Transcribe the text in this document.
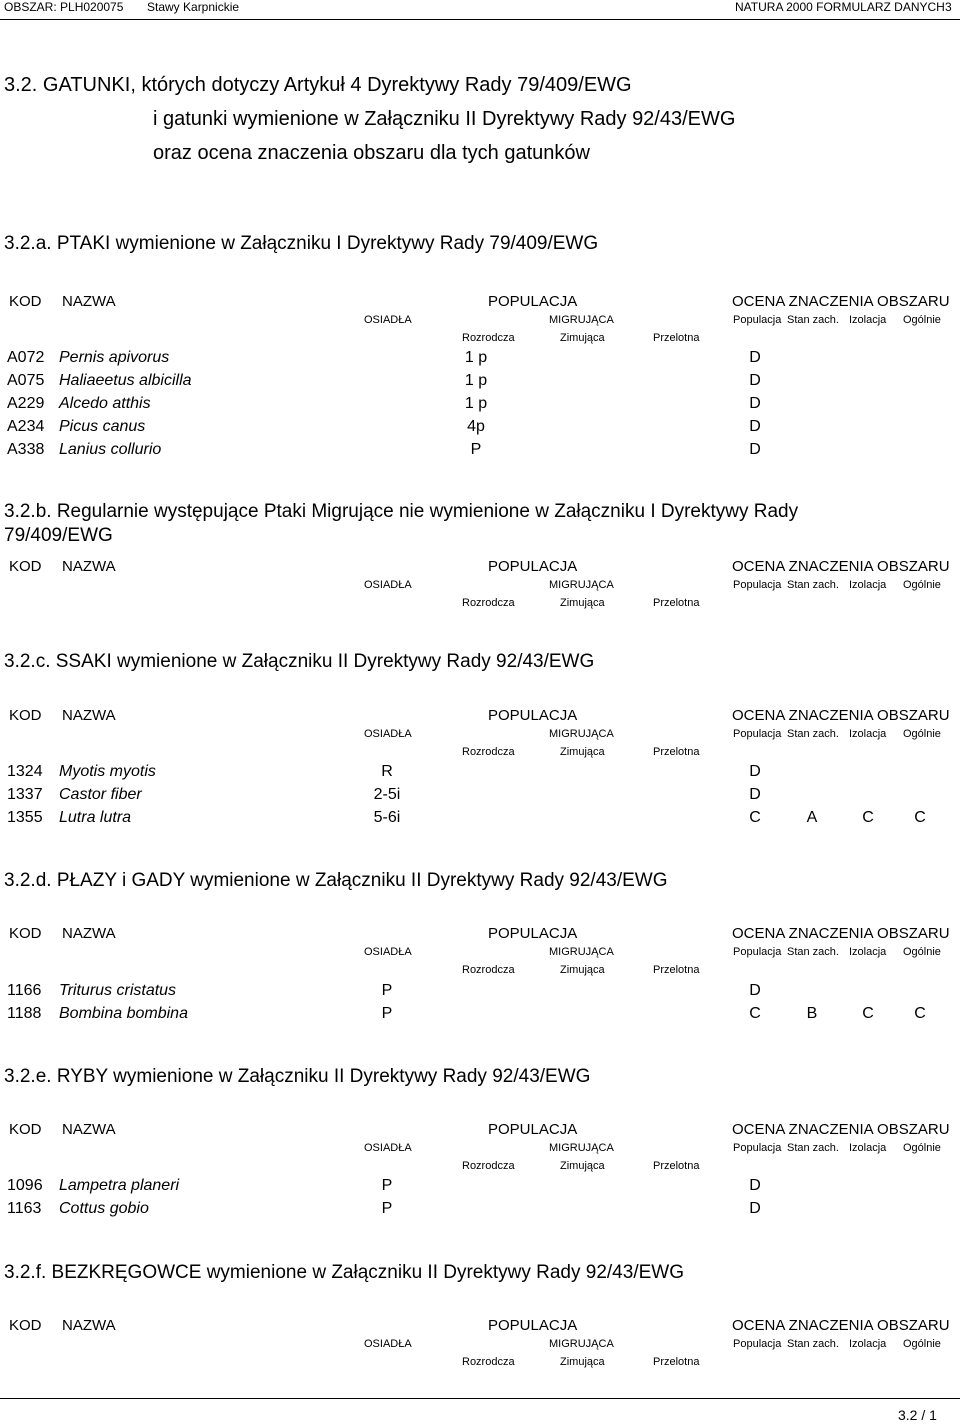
OBSZAR: PLH020075 Stawy Karpnickie	NATURA 2000 FORMULARZ DANYCH 3
3.2. GATUNKI, których dotyczy Artykuł 4 Dyrektywy Rady 79/409/EWG
i gatunki wymienione w Załączniku II Dyrektywy Rady 92/43/EWG
oraz ocena znaczenia obszaru dla tych gatunków
3.2.a. PTAKI wymienione w Załączniku I Dyrektywy Rady 79/409/EWG
KOD NAZWA	POPULACJA	OCENA ZNACZENIA OBSZARU
OSIADŁA	MIGRUJĄCA	Populacja Stan zach. Izolacja Ogólnie
Rozrodcza	Zimująca	Przelotna
A072 Pernis apivorus	1 p	D
A075 Haliaeetus albicilla	1 p	D
A229 Alcedo atthis	1 p	D
A234 Picus canus	4p	D
A338 Lanius collurio	P	D
3.2.b. Regularnie występujące Ptaki Migrujące nie wymienione w Załączniku I Dyrektywy Rady
79/409/EWG
KOD NAZWA	POPULACJA	OCENA ZNACZENIA OBSZARU
OSIADŁA	MIGRUJĄCA	Populacja Stan zach. Izolacja Ogólnie
Rozrodcza	Zimująca	Przelotna
3.2.c. SSAKI wymienione w Załączniku II Dyrektywy Rady 92/43/EWG
KOD NAZWA	POPULACJA	OCENA ZNACZENIA OBSZARU
OSIADŁA	MIGRUJĄCA	Populacja Stan zach. Izolacja Ogólnie
Rozrodcza	Zimująca	Przelotna
1324 Myotis myotis	R	D
1337 Castor fiber	2-5i	D
1355 Lutra lutra	5-6i	C	A	C	C
3.2.d. PŁAZY i GADY wymienione w Załączniku II Dyrektywy Rady 92/43/EWG
KOD NAZWA	POPULACJA	OCENA ZNACZENIA OBSZARU
OSIADŁA	MIGRUJĄCA	Populacja Stan zach. Izolacja Ogólnie
Rozrodcza	Zimująca	Przelotna
1166 Triturus cristatus	P	D
1188 Bombina bombina	P	C	B	C	C
3.2.e. RYBY wymienione w Załączniku II Dyrektywy Rady 92/43/EWG
KOD NAZWA	POPULACJA	OCENA ZNACZENIA OBSZARU
OSIADŁA	MIGRUJĄCA	Populacja Stan zach. Izolacja Ogólnie
Rozrodcza	Zimująca	Przelotna
1096 Lampetra planeri	P	D
1163 Cottus gobio	P	D
3.2.f. BEZKRĘGOWCE wymienione w Załączniku II Dyrektywy Rady 92/43/EWG
KOD NAZWA	POPULACJA	OCENA ZNACZENIA OBSZARU
OSIADŁA	MIGRUJĄCA	Populacja Stan zach. Izolacja Ogólnie
Rozrodcza	Zimująca	Przelotna
3.2 / 1
